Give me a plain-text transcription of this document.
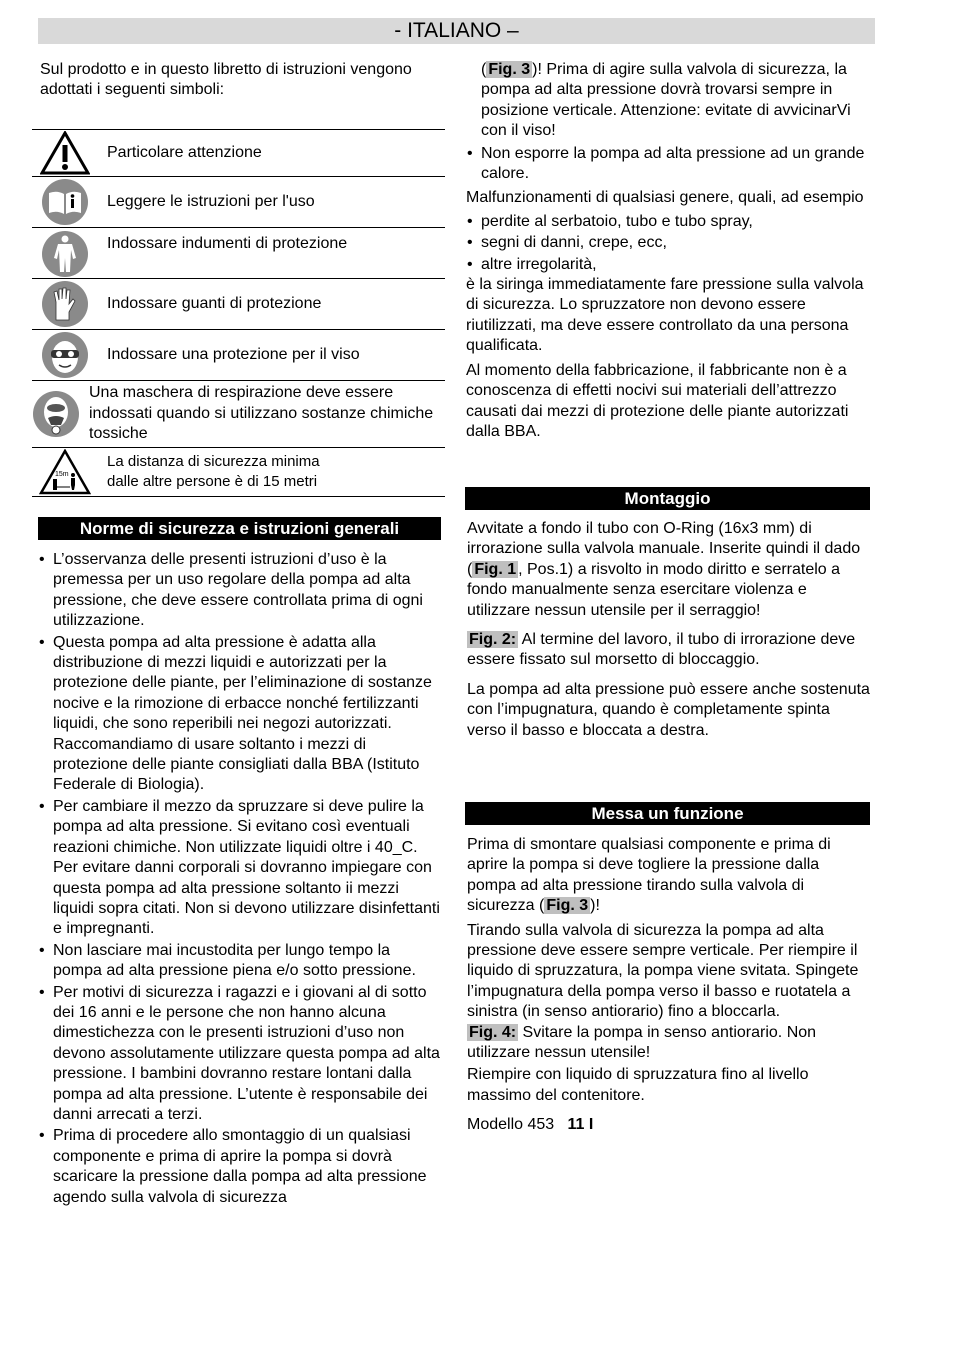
- ITALIANO –

Sul prodotto e in questo libretto di istruzioni vengono adottati i seguenti simboli:

Particolare attenzione
Leggere le istruzioni per l'uso
Indossare indumenti di protezione
Indossare guanti di protezione
Indossare una protezione per il viso
Una maschera di respirazione deve essere indossati quando si utilizzano sostanze chimiche tossiche
15m
La distanza di sicurezza minima
dalle altre persone è di 15 metri
Norme di sicurezza e istruzioni generali
• L’osservanza delle presenti istruzioni d’uso è la premessa per un uso regolare della pompa ad alta pressione, che deve essere controllata prima di ogni utilizzazione.
• Questa pompa ad alta pressione è adatta alla distribuzione di mezzi liquidi e autorizzati per la protezione delle piante, per l’eliminazione di sostanze nocive e la rimozione di erbacce nonché fertilizzanti liquidi, che sono reperibili nei negozi autorizzati. Raccomandiamo di usare soltanto i mezzi di protezione delle piante consigliati dalla BBA (Istituto Federale di Biologia).
• Per cambiare il mezzo da spruzzare si deve pulire la pompa ad alta pressione. Si evitano così eventuali reazioni chimiche. Non utilizzate liquidi oltre i 40_C. Per evitare danni corporali si dovranno impiegare con questa pompa ad alta pressione soltanto ii mezzi liquidi sopra citati. Non si devono utilizzare disinfettanti e impregnanti.
• Non lasciare mai incustodita per lungo tempo la pompa ad alta pressione piena e/o sotto pressione.
• Per motivi di sicurezza i ragazzi e i giovani al di sotto dei 16 anni e le persone che non hanno alcuna dimestichezza con le presenti istruzioni d’uso non devono assolutamente utilizzare questa pompa ad alta pressione. I bambini dovranno restare lontani dalla pompa ad alta pressione. L’utente è responsabile dei danni arrecati a terzi.
• Prima di procedere allo smontaggio di un qualsiasi componente e prima di aprire la pompa si dovrà scaricare la pressione dalla pompa ad alta pressione agendo sulla valvola di sicurezza

( Fig. 3 )! Prima di agire sulla valvola di sicurezza, la pompa ad alta pressione dovrà trovarsi sempre in posizione verticale. Attenzione: evitate di avvicinarVi con il viso!

• Non esporre la pompa ad alta pressione ad un grande calore.

Malfunzionamenti di qualsiasi genere, quali, ad esempio

• perdite al serbatoio, tubo e tubo spray,
• segni di danni, crepe, ecc,
• altre irregolarità,

è la siringa immediatamente fare pressione sulla valvola di sicurezza. Lo spruzzatore non devono essere riutilizzati, ma deve essere controllato da una persona qualificata.

Al momento della fabbricazione, il fabbricante non è a conoscenza di effetti nocivi sui materiali dell’attrezzo causati dai mezzi di protezione delle piante autorizzati dalla BBA.

Montaggio

Avvitate a fondo il tubo con O-Ring (16x3 mm) di irrorazione sulla valvola manuale. Inserite quindi il dado ( Fig. 1 , Pos.1) a risvolto in modo diritto e serratelo a fondo manualmente senza esercitare violenza e utilizzare nessun utensile per il serraggio!

Fig. 2: Al termine del lavoro, il tubo di irrorazione deve essere fissato sul morsetto di bloccaggio.

La pompa ad alta pressione può essere anche sostenuta con l’impugnatura, quando è completamente spinta verso il basso e bloccata a destra.

Messa un funzione

Prima di smontare qualsiasi componente e prima di aprire la pompa si deve togliere la pressione dalla pompa ad alta pressione tirando sulla valvola di sicurezza ( Fig. 3 )!

Tirando sulla valvola di sicurezza la pompa ad alta pressione deve essere sempre verticale. Per riempire il liquido di spruzzatura, la pompa viene svitata. Spingete l’impugnatura della pompa verso il basso e ruotatela a sinistra (in senso antiorario) fino a bloccarla.

Fig. 4: Svitare la pompa in senso antiorario. Non utilizzare nessun utensile!

Riempire con liquido di spruzzatura fino al livello massimo del contenitore.

Modello 453 11 I
